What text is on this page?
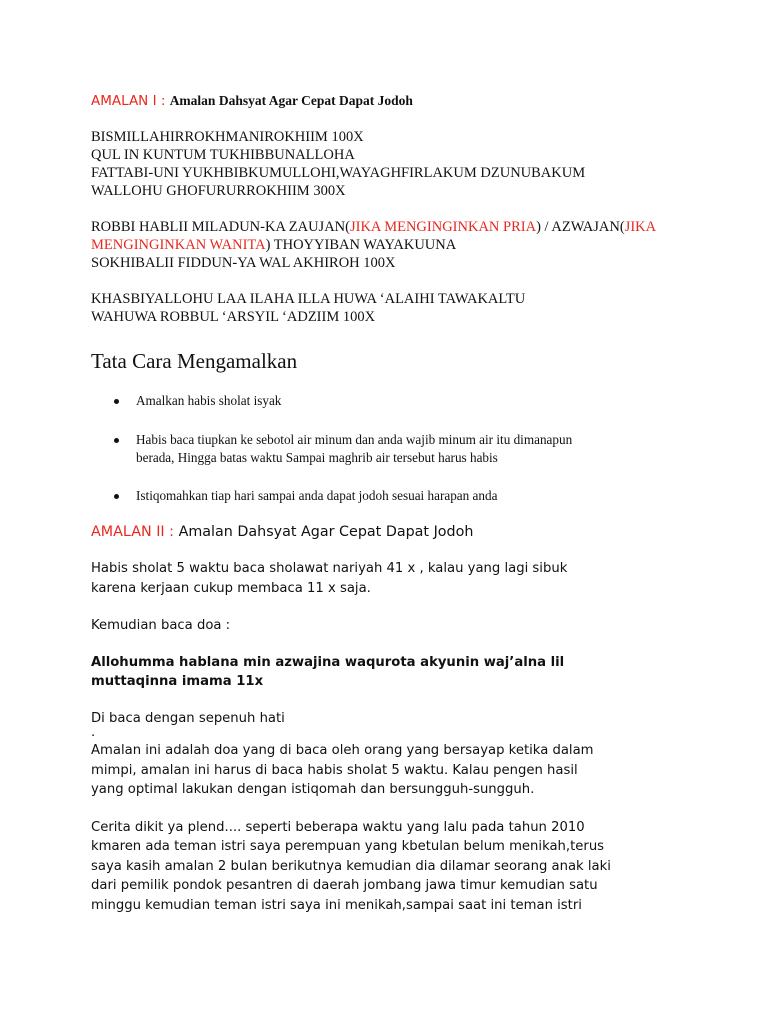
AMALAN I : Amalan Dahsyat Agar Cepat Dapat Jodoh

BISMILLAHIRROKHMANIROKHIIM 100X

QUL IN KUNTUM TUKHIBBUNALLOHA

FATTABI-UNI YUKHBIBKUMULLOHI,WAYAGHFIRLAKUM DZUNUBAKUM

WALLOHU GHOFURURROKHIIM 300X

ROBBI HABLII MILADUN-KA ZAUJAN(JIKA MENGINGINKAN PRIA) / AZWAJAN(JIKA

MENGINGINKAN WANITA) THOYYIBAN WAYAKUUNA

SOKHIBALII FIDDUN-YA WAL AKHIROH 100X

KHASBIYALLOHU LAA ILAHA ILLA HUWA ‘ALAIHI TAWAKALTU

WAHUWA ROBBUL ‘ARSYIL ‘ADZIIM 100X

Tata Cara Mengamalkan
Amalkan habis sholat isyak
Habis baca tiupkan ke sebotol air minum dan anda wajib minum air itu dimanapun
berada, Hingga batas waktu Sampai maghrib air tersebut harus habis
Istiqomahkan tiap hari sampai anda dapat jodoh sesuai harapan anda
AMALAN II : Amalan Dahsyat Agar Cepat Dapat Jodoh

Habis sholat 5 waktu baca sholawat nariyah 41 x , kalau yang lagi sibuk

karena kerjaan cukup membaca 11 x saja.

Kemudian baca doa :

Allohumma hablana min azwajina waqurota akyunin waj’alna lil

muttaqinna imama 11x

Di baca dengan sepenuh hati

.

Amalan ini adalah doa yang di baca oleh orang yang bersayap ketika dalam

mimpi, amalan ini harus di baca habis sholat 5 waktu. Kalau pengen hasil

yang optimal lakukan dengan istiqomah dan bersungguh-sungguh.

Cerita dikit ya plend.... seperti beberapa waktu yang lalu pada tahun 2010

kmaren ada teman istri saya perempuan yang kbetulan belum menikah,terus

saya kasih amalan 2 bulan berikutnya kemudian dia dilamar seorang anak laki

dari pemilik pondok pesantren di daerah jombang jawa timur kemudian satu

minggu kemudian teman istri saya ini menikah,sampai saat ini teman istri
